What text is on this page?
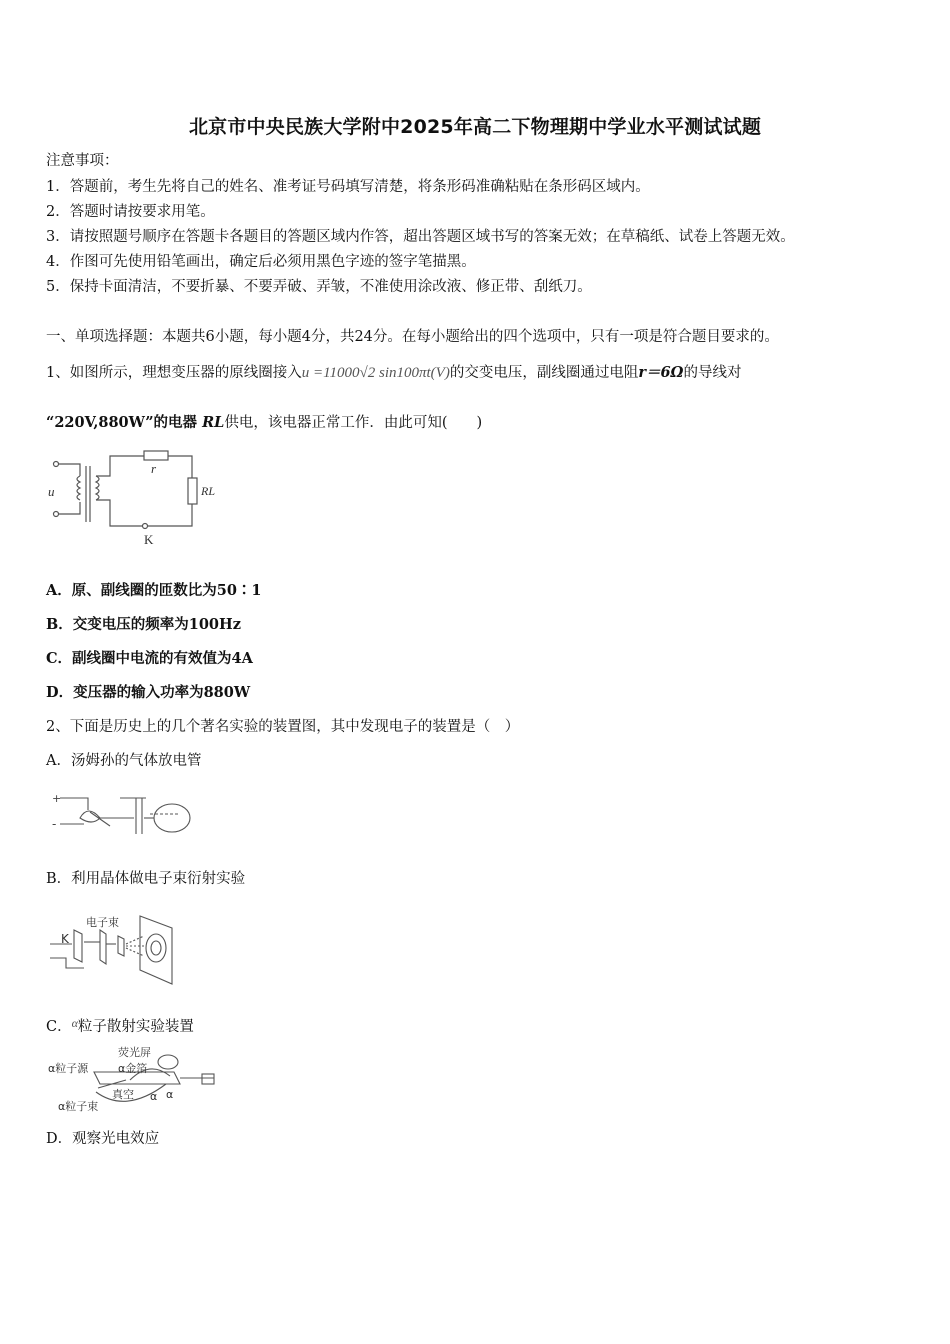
北京市中央民族大学附中2025年高二下物理期中学业水平测试试题
注意事项：
1．答题前，考生先将自己的姓名、准考证号码填写清楚，将条形码准确粘贴在条形码区域内。
2．答题时请按要求用笔。
3．请按照题号顺序在答题卡各题目的答题区域内作答，超出答题区域书写的答案无效；在草稿纸、试卷上答题无效。
4．作图可先使用铅笔画出，确定后必须用黑色字迹的签字笔描黑。
5．保持卡面清洁，不要折暴、不要弄破、弄皱，不准使用涂改液、修正带、刮纸刀。
一、单项选择题：本题共6小题，每小题4分，共24分。在每小题给出的四个选项中，只有一项是符合题目要求的。
1、如图所示，理想变压器的原线圈接入u =11000√2 sin100πt(V)的交变电压，副线圈通过电阻r＝6Ω的导线对
“220V,880W”的电器 RL供电，该电器正常工作．由此可知(　　)
u
r
RL
K
A．原、副线圈的匝数比为50∶1
B．交变电压的频率为100Hz
C．副线圈中电流的有效值为4A
D．变压器的输入功率为880W
2、下面是历史上的几个著名实验的装置图，其中发现电子的装置是（　）
A．汤姆孙的气体放电管
+
-
B．利用晶体做电子束衍射实验
K
电子束
C．$^\alpha$粒子散射实验装置
荧光屏
α粒子源	α金箔
真空 α α
α粒子束
D．观察光电效应
